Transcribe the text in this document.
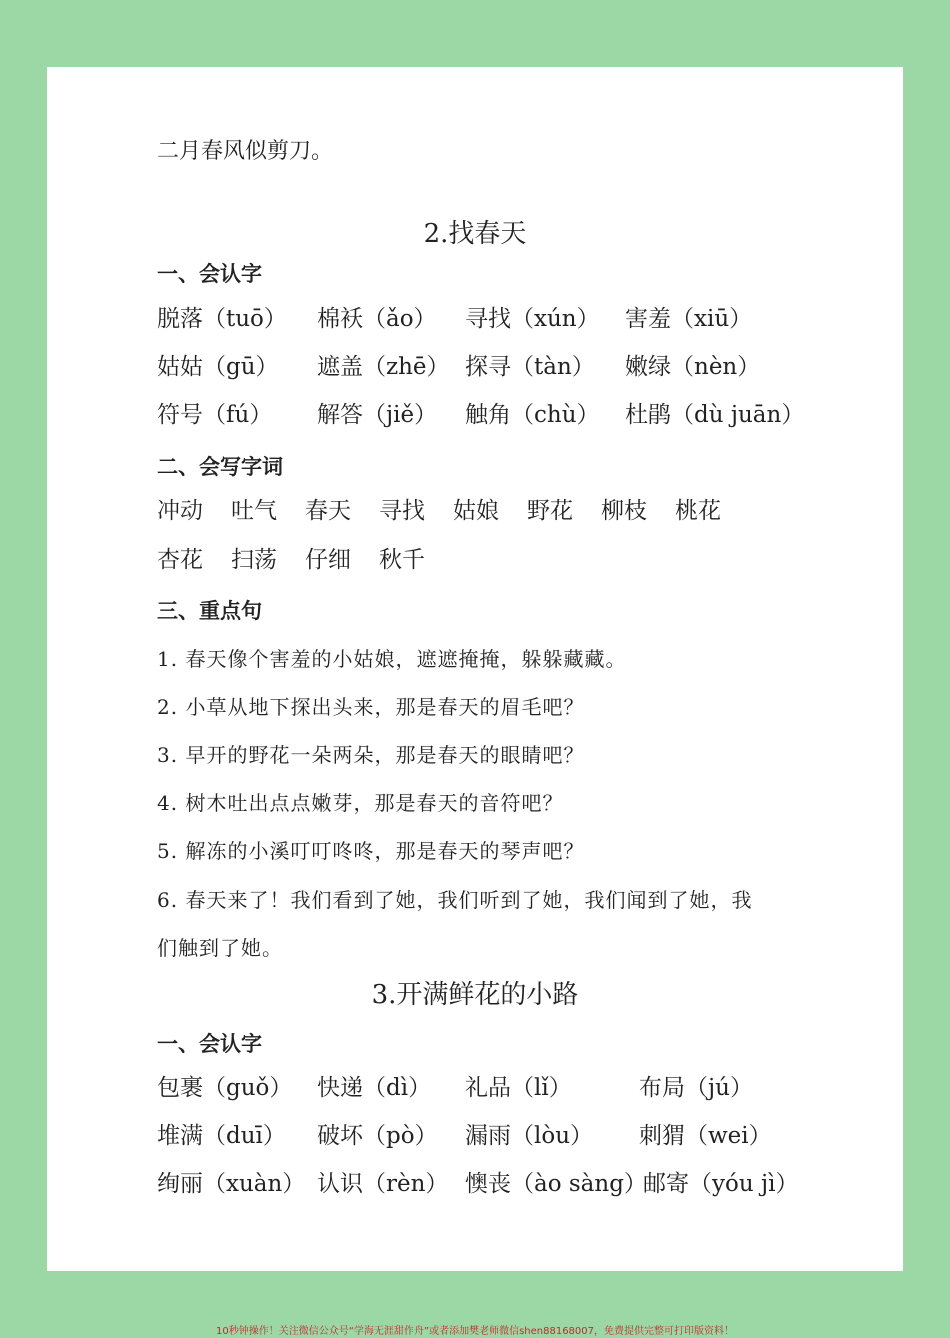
二月春风似剪刀。
2.找春天
一、会认字
脱落（tuō） 棉袄（ǎo） 寻找（xún） 害羞（xiū）
姑姑（gū） 遮盖（zhē） 探寻（tàn） 嫩绿（nèn）
符号（fú） 解答（jiě） 触角（chù） 杜鹃（dù juān）
二、会写字词
冲动 吐气 春天 寻找 姑娘 野花 柳枝 桃花
杏花 扫荡 仔细 秋千
三、重点句
1. 春天像个害羞的小姑娘，遮遮掩掩，躲躲藏藏。
2. 小草从地下探出头来，那是春天的眉毛吧？
3. 早开的野花一朵两朵，那是春天的眼睛吧？
4. 树木吐出点点嫩芽，那是春天的音符吧？
5. 解冻的小溪叮叮咚咚，那是春天的琴声吧？
6. 春天来了！我们看到了她，我们听到了她，我们闻到了她，我
们触到了她。
3.开满鲜花的小路
一、会认字
包裹（guǒ） 快递（dì） 礼品（lǐ）	布局（jú）
堆满（duī） 破坏（pò） 漏雨（lòu） 刺猬（wei）
绚丽（xuàn） 认识（rèn） 懊丧（ào sàng）
邮寄（yóu jì）
10秒钟操作！关注微信公众号“学海无涯甜作舟”或者添加樊老师微信shen88168007，免费提供完整可打印版资料！
